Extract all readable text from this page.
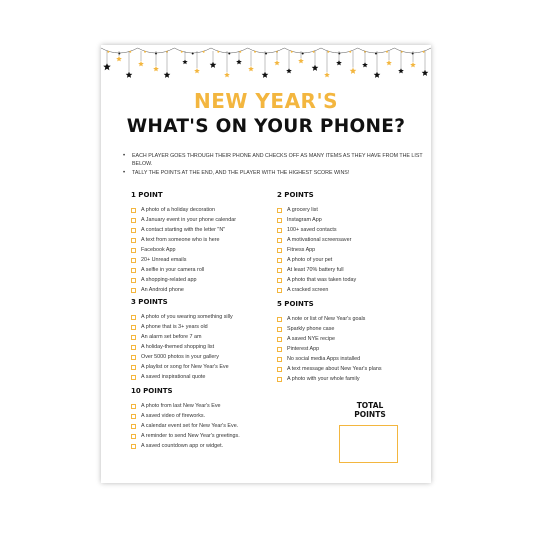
NEW YEAR'S
WHAT'S ON YOUR PHONE?
• EACH PLAYER GOES THROUGH THEIR PHONE AND CHECKS OFF AS MANY ITEMS AS THEY HAVE FROM THE LIST BELOW.
• TALLY THE POINTS AT THE END, AND THE PLAYER WITH THE HIGHEST SCORE WINS!
1 POINT
A photo of a holiday decoration
A January event in your phone calendar
A contact starting with the letter "N"
A text from someone who is here
Facebook App
20+ Unread emails
A selfie in your camera roll
A shopping-related app
An Android phone
2 POINTS
A grocery list
Instagram App
100+ saved contacts
A motivational screensaver
Fitness App
A photo of your pet
At least 70% battery full
A photo that was taken today
A cracked screen
3 POINTS
A photo of you wearing something silly
A phone that is 3+ years old
An alarm set before 7 am
A holiday-themed shopping list
Over 5000 photos in your gallery
A playlist or song for New Year's Eve
A saved inspirational quote
5 POINTS
A note or list of New Year's goals
Sparkly phone case
A saved NYE recipe
Pinterest App
No social media Apps installed
A text message about New Year's plans
A photo with your whole family
10 POINTS
A photo from last New Year's Eve
A saved video of fireworks.
A calendar event set for New Year's Eve.
A reminder to send New Year's greetings.
A saved countdown app or widget.
TOTAL
POINTS
